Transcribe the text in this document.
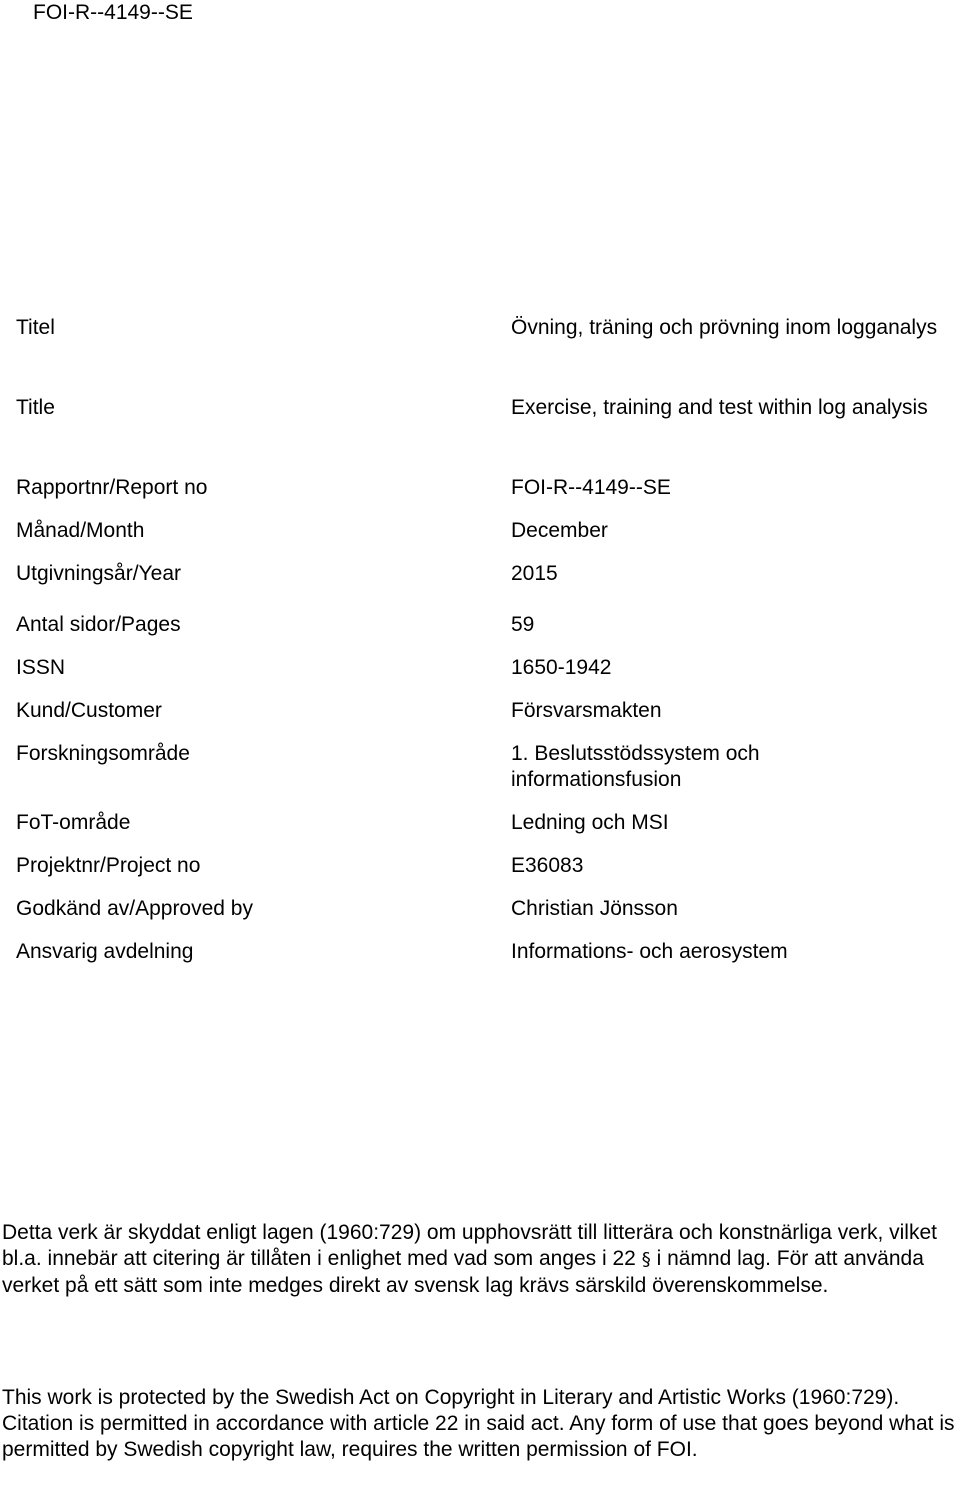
FOI-R--4149--SE

Titel	Övning, träning och prövning inom logganalys
Title	Exercise, training and test within log analysis
Rapportnr/Report no	FOI-R--4149--SE
Månad/Month	December
Utgivningsår/Year	2015
Antal sidor/Pages	59
ISSN	1650-1942
Kund/Customer	Försvarsmakten
Forskningsområde	1. Beslutsstödssystem och informationsfusion
FoT-område	Ledning och MSI
Projektnr/Project no	E36083
Godkänd av/Approved by	Christian Jönsson
Ansvarig avdelning	Informations- och aerosystem

Detta verk är skyddat enligt lagen (1960:729) om upphovsrätt till litterära och konstnärliga verk, vilket bl.a. innebär att citering är tillåten i enlighet med vad som anges i 22 § i nämnd lag. För att använda verket på ett sätt som inte medges direkt av svensk lag krävs särskild överenskommelse.

This work is protected by the Swedish Act on Copyright in Literary and Artistic Works (1960:729). Citation is permitted in accordance with article 22 in said act. Any form of use that goes beyond what is permitted by Swedish copyright law, requires the written permission of FOI.
